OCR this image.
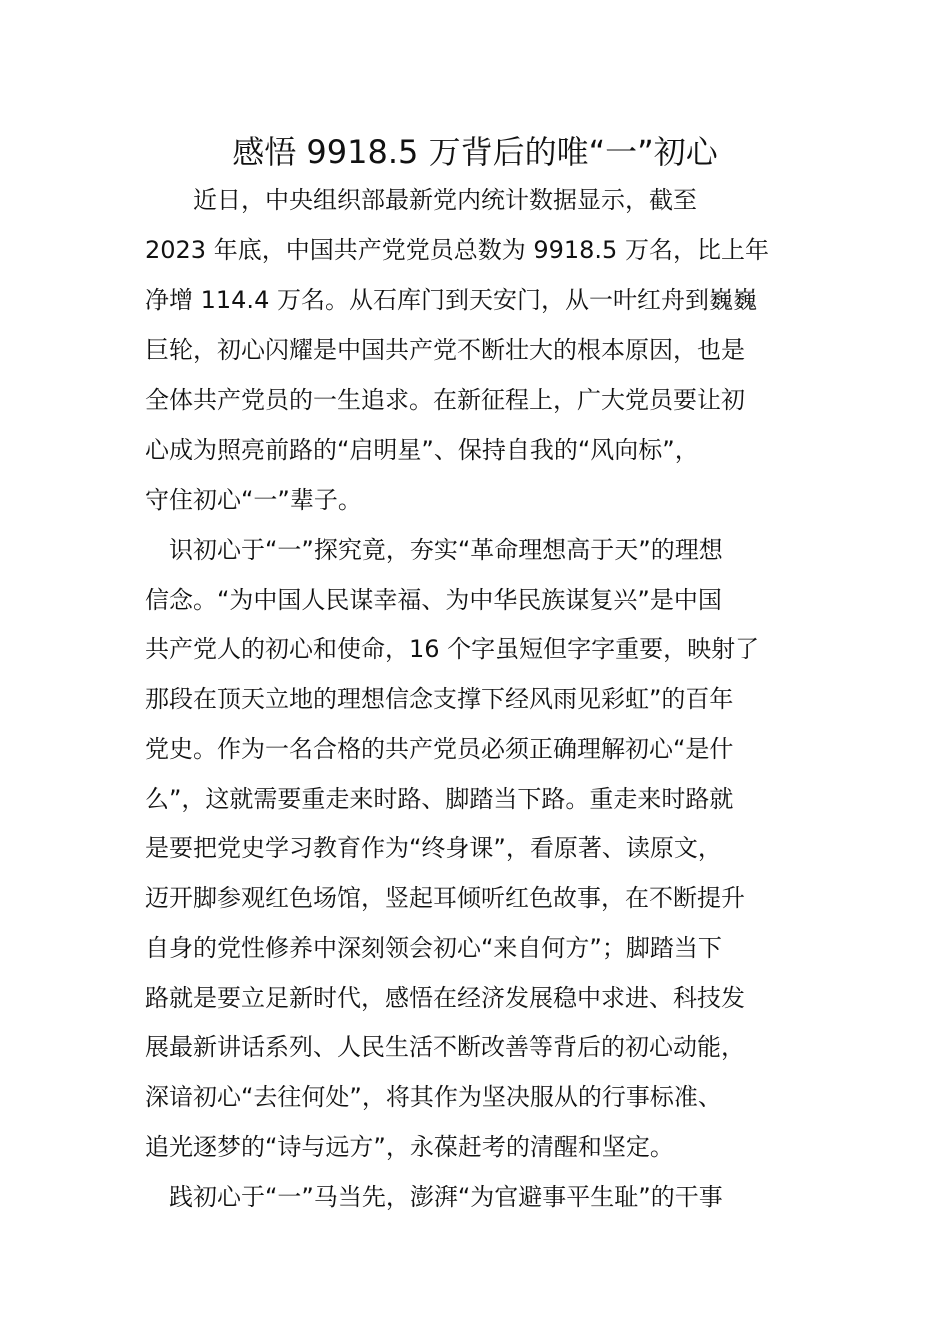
感悟 9918.5 万背后的唯“一”初心

　　近日，中央组织部最新党内统计数据显示，截至

2023 年底，中国共产党党员总数为 9918.5 万名，比上年

净增 114.4 万名。从石库门到天安门，从一叶红舟到巍巍

巨轮，初心闪耀是中国共产党不断壮大的根本原因，也是

全体共产党员的一生追求。在新征程上，广大党员要让初

心成为照亮前路的“启明星”、保持自我的“风向标”，

守住初心“一”辈子。

　识初心于“一”探究竟，夯实“革命理想高于天”的理想

信念。“为中国人民谋幸福、为中华民族谋复兴”是中国

共产党人的初心和使命，16 个字虽短但字字重要，映射了

那段在顶天立地的理想信念支撑下经风雨见彩虹”的百年

党史。作为一名合格的共产党员必须正确理解初心“是什

么”，这就需要重走来时路、脚踏当下路。重走来时路就

是要把党史学习教育作为“终身课”，看原著、读原文，

迈开脚参观红色场馆，竖起耳倾听红色故事，在不断提升

自身的党性修养中深刻领会初心“来自何方”；脚踏当下

路就是要立足新时代，感悟在经济发展稳中求进、科技发

展最新讲话系列、人民生活不断改善等背后的初心动能，

深谙初心“去往何处”，将其作为坚决服从的行事标准、

追光逐梦的“诗与远方”，永葆赶考的清醒和坚定。

　践初心于“一”马当先，澎湃“为官避事平生耻”的干事
